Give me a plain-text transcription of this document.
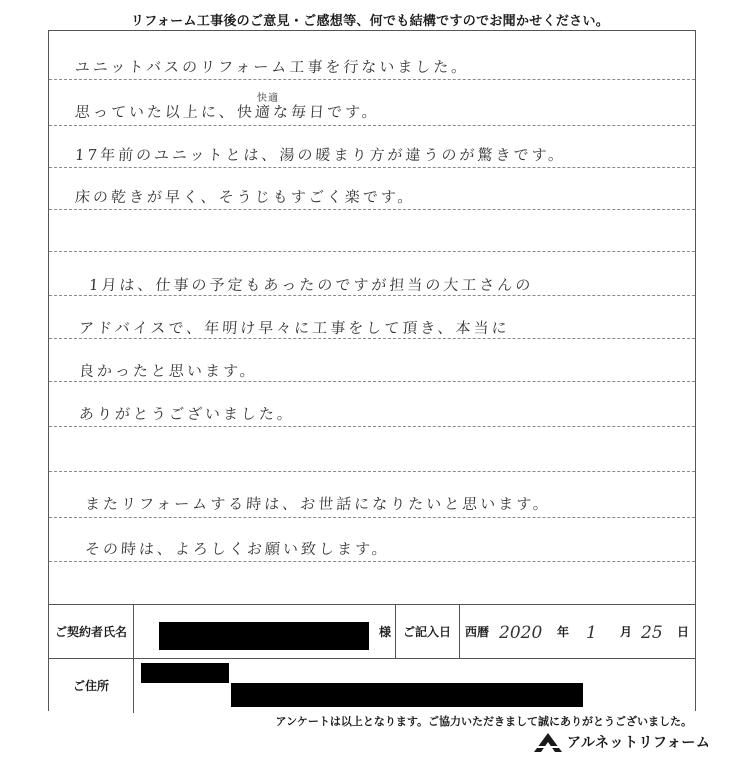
リフォーム工事後のご意見・ご感想等、何でも結構ですのでお聞かせください。
ユニットバスのリフォーム工事を行ないました。
快適
思っていた以上に、快適な毎日です。
17年前のユニットとは、湯の暖まり方が違うのが驚きです。
床の乾きが早く、そうじもすごく楽です。
1月は、仕事の予定もあったのですが担当の大工さんの
アドバイスで、年明け早々に工事をして頂き、本当に
良かったと思います。
ありがとうございました。
またリフォームする時は、お世話になりたいと思います。
その時は、よろしくお願い致します。
ご契約者氏名	様 ご記入日	西暦 2020 年 1 月 25 日
ご住所
アンケートは以上となります。ご協力いただきまして誠にありがとうございました。
アルネットリフォーム
